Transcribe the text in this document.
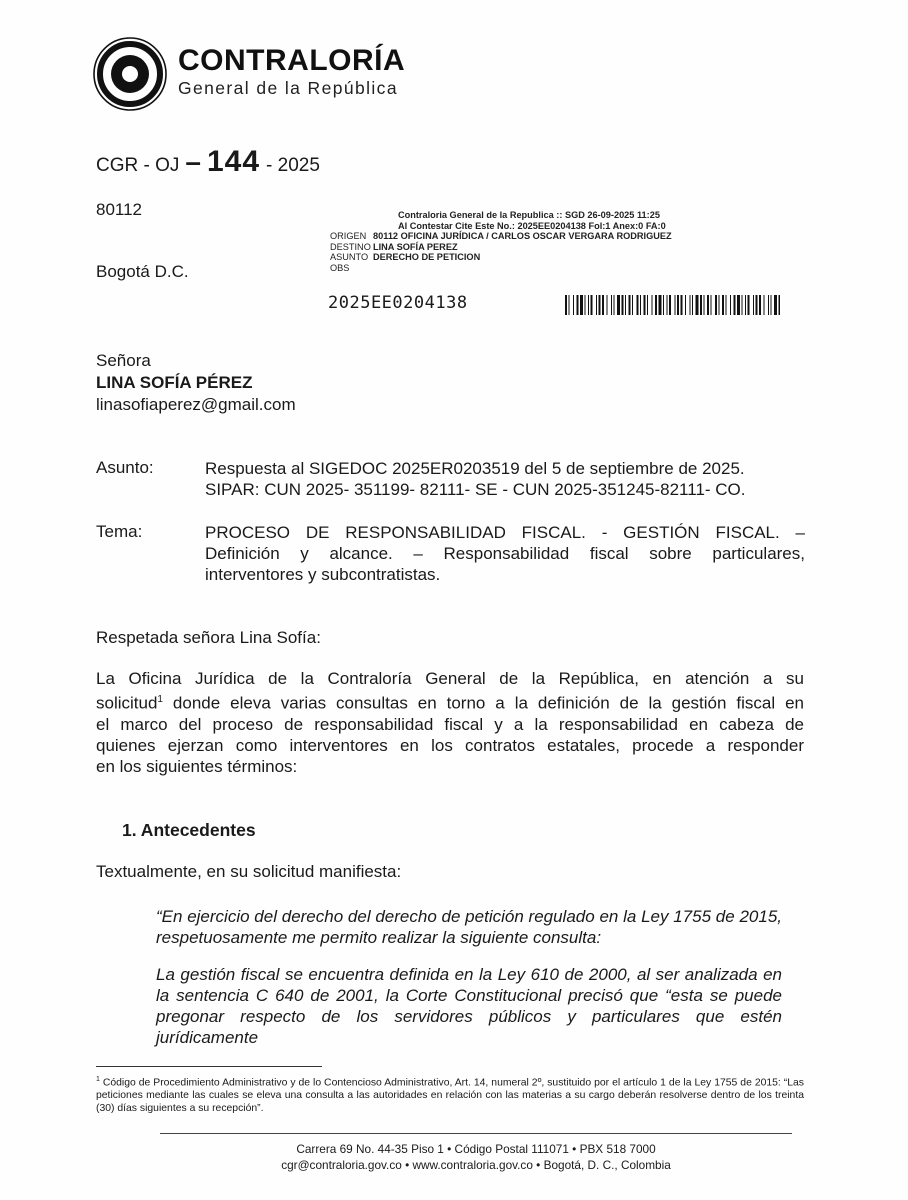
CONTRALORÍA
General de la República
CGR - OJ – 144 - 2025
80112
Bogotá D.C.
Contraloria General de la Republica :: SGD 26-09-2025 11:25
Al Contestar Cite Este No.: 2025EE0204138 Fol:1 Anex:0 FA:0
ORIGEN 80112 OFICINA JURÍDICA / CARLOS OSCAR VERGARA RODRIGUEZ
DESTINO LINA SOFÍA PEREZ
ASUNTO DERECHO DE PETICION
OBS
2025EE0204138
Señora
LINA SOFÍA PÉREZ
linasofiaperez@gmail.com
Asunto:	Respuesta al SIGEDOC 2025ER0203519 del 5 de septiembre de 2025.
SIPAR: CUN 2025- 351199- 82111- SE - CUN 2025-351245-82111- CO.
Tema:	PROCESO DE RESPONSABILIDAD FISCAL. - GESTIÓN FISCAL. –
Definición y alcance. – Responsabilidad fiscal sobre particulares,
interventores y subcontratistas.
Respetada señora Lina Sofía:
La Oficina Jurídica de la Contraloría General de la República, en atención a su
solicitud$^1$ donde eleva varias consultas en torno a la definición de la gestión fiscal en
el marco del proceso de responsabilidad fiscal y a la responsabilidad en cabeza de
quienes ejerzan como interventores en los contratos estatales, procede a responder
en los siguientes términos:
1. Antecedentes
Textualmente, en su solicitud manifiesta:
“En ejercicio del derecho del derecho de petición regulado en la Ley 1755 de 2015,
respetuosamente me permito realizar la siguiente consulta:
La gestión fiscal se encuentra definida en la Ley 610 de 2000, al ser analizada en
la sentencia C 640 de 2001, la Corte Constitucional precisó que “esta se puede
pregonar respecto de los servidores públicos y particulares que estén jurídicamente
$^1$ Código de Procedimiento Administrativo y de lo Contencioso Administrativo, Art. 14, numeral 2º, sustituido por el artículo 1 de la Ley 1755 de 2015: “Las peticiones mediante las cuales se eleva una consulta a las autoridades en relación con las materias a su cargo deberán resolverse dentro de los treinta (30) días siguientes a su recepción”.
Carrera 69 No. 44-35 Piso 1 • Código Postal 111071 • PBX 518 7000
cgr@contraloria.gov.co • www.contraloria.gov.co • Bogotá, D. C., Colombia
